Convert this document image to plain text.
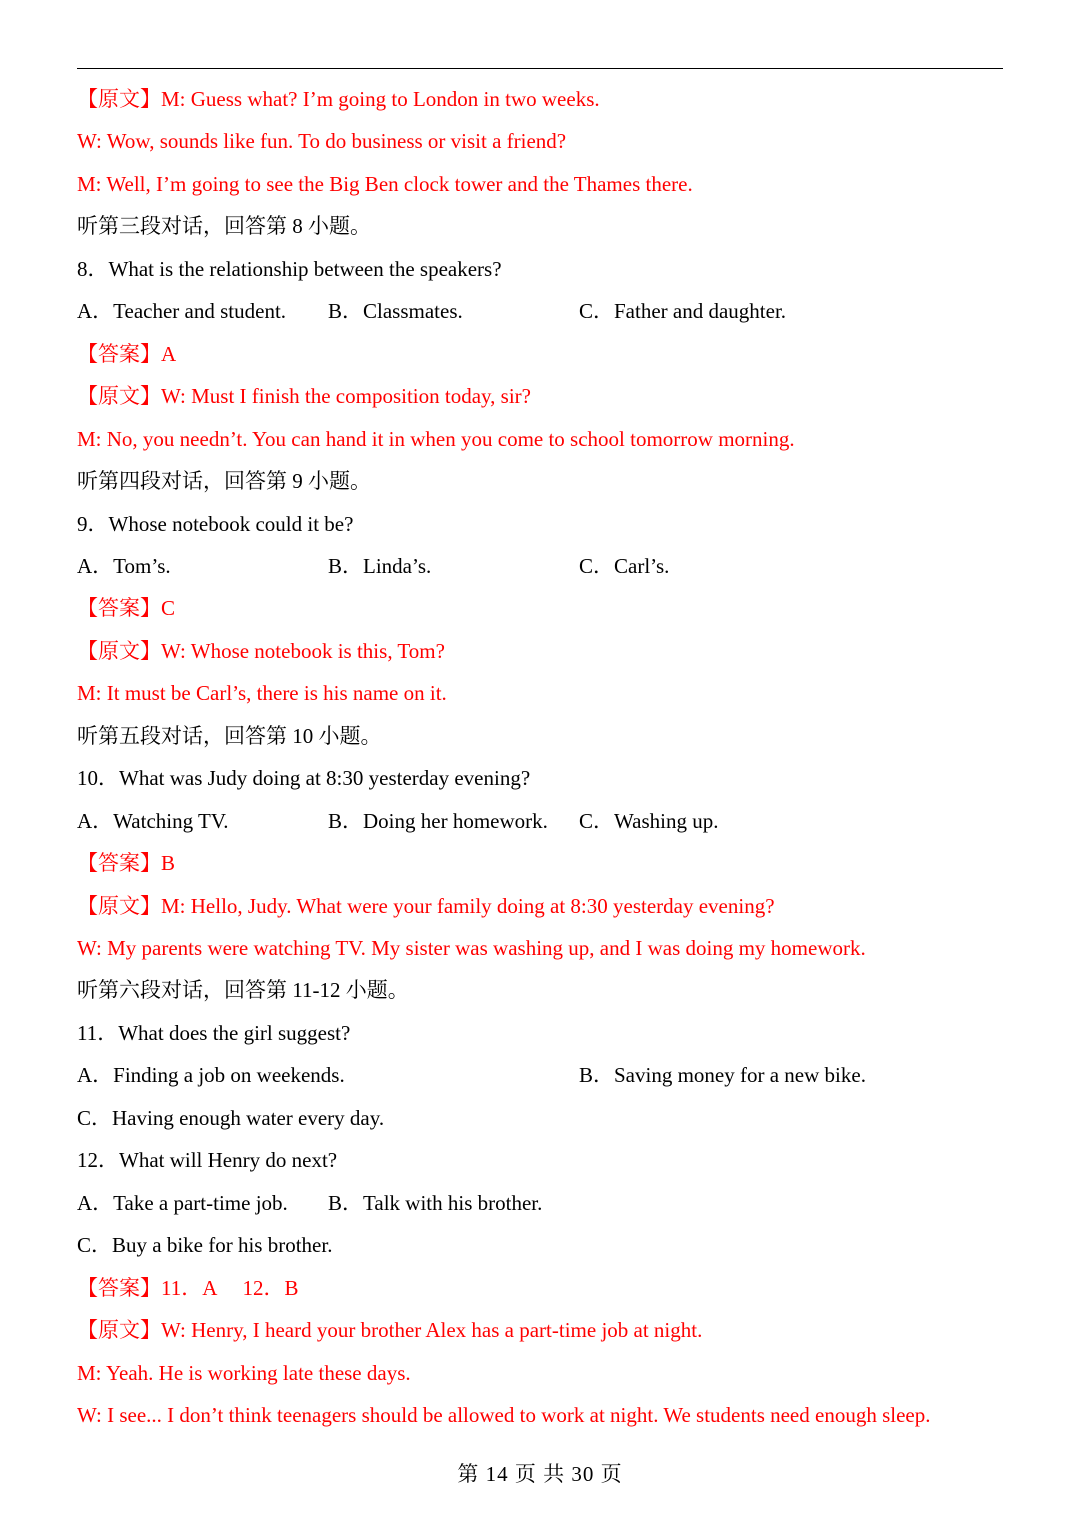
【原文】M: Guess what? I’m going to London in two weeks.
W: Wow, sounds like fun. To do business or visit a friend?
M: Well, I’m going to see the Big Ben clock tower and the Thames there.
听第三段对话，回答第 8 小题。
8．What is the relationship between the speakers?
A．Teacher and student. B．Classmates.	C．Father and daughter.
【答案】A
【原文】W: Must I finish the composition today, sir?
M: No, you needn’t. You can hand it in when you come to school tomorrow morning.
听第四段对话，回答第 9 小题。
9．Whose notebook could it be?
A．Tom’s.	B．Linda’s.	C．Carl’s.
【答案】C
【原文】W: Whose notebook is this, Tom?
M: It must be Carl’s, there is his name on it.
听第五段对话，回答第 10 小题。
10．What was Judy doing at 8:30 yesterday evening?
A．Watching TV.	B．Doing her homework. C．Washing up.
【答案】B
【原文】M: Hello, Judy. What were your family doing at 8:30 yesterday evening?
W: My parents were watching TV. My sister was washing up, and I was doing my homework.
听第六段对话，回答第 11-12 小题。
11．What does the girl suggest?
A．Finding a job on weekends.	B．Saving money for a new bike.
C．Having enough water every day.
12．What will Henry do next?
A．Take a part-time job. B．Talk with his brother.
C．Buy a bike for his brother.
【答案】11．A　 12．B
【原文】W: Henry, I heard your brother Alex has a part-time job at night.
M: Yeah. He is working late these days.
W: I see... I don’t think teenagers should be allowed to work at night. We students need enough sleep.
第 14 页 共 30 页
